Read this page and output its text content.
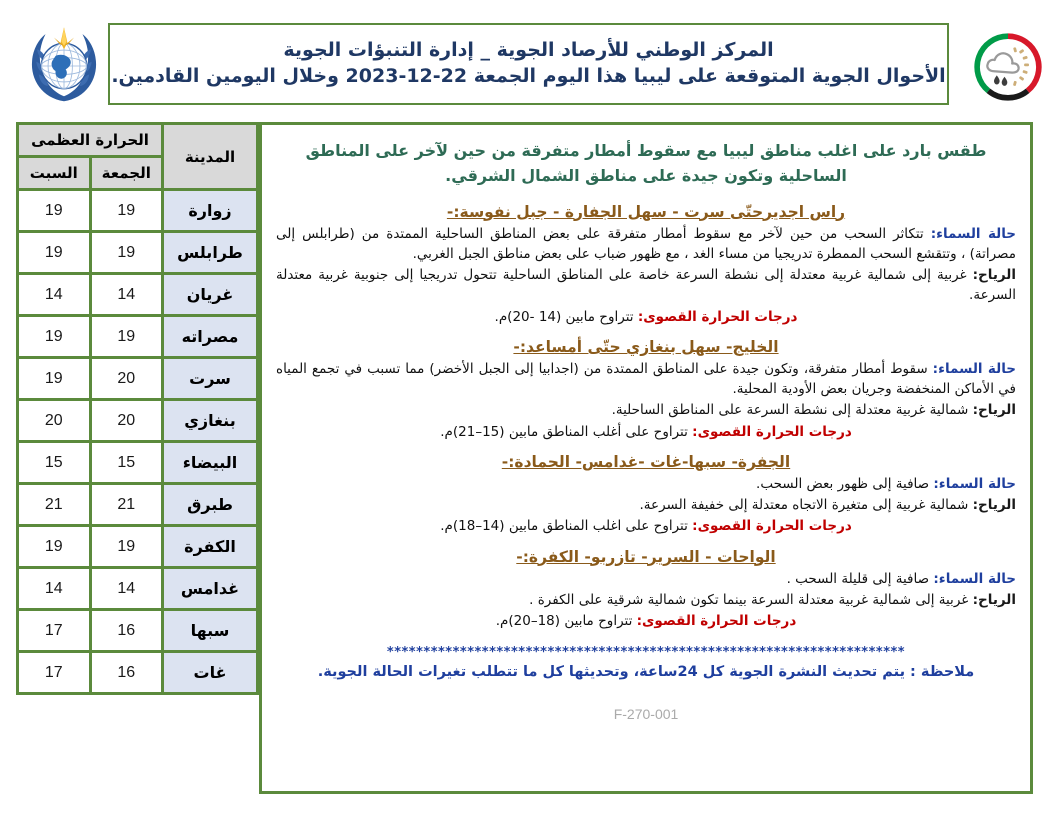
المركز الوطني للأرصاد الجوية _ إدارة التنبؤات الجوية
الأحوال الجوية المتوقعة على ليبيا هذا اليوم الجمعة 22-12-2023 وخلال اليومين القادمين.
المدينة	الحرارة العظمى	
	الجمعة	السبت
زوارة	19	19
طرابلس	19	19
غريان	14	14
مصراته	19	19
سرت	20	19
بنغازي	20	20
البيضاء	15	15
طبرق	21	21
الكفرة	19	19
غدامس	14	14
سبها	16	17
غات	16	17
طقس بارد على اغلب مناطق ليبيا مع سقوط أمطار متفرقة من حين لآخر على المناطق الساحلية وتكون جيدة على مناطق الشمال الشرقي.
راس اجديرحتّى سرت - سهل الجفارة - جبل نفوسة:-
حالة السماء: تتكاثر السحب من حين لآخر مع سقوط أمطار متفرقة على بعض المناطق الساحلية الممتدة من (طرابلس إلى مصراتة) ، وتتقشع السحب الممطرة تدريجيا من مساء الغد ، مع ظهور ضباب على بعض مناطق الجبل الغربي.
الرياح: غربية إلى شمالية غربية معتدلة إلى نشطة السرعة خاصة على المناطق الساحلية تتحول تدريجيا إلى جنوبية غربية معتدلة السرعة.
درجات الحرارة القصوى: تتراوح مابين (14 -20)م.
الخليج- سهل بنغازي حتّى أمساعد:-
حالة السماء: سقوط أمطار متفرقة، وتكون جيدة على المناطق الممتدة من (اجدابيا إلى الجبل الأخضر) مما تسبب في تجمع المياه في الأماكن المنخفضة وجريان بعض الأودية المحلية.
الرياح: شمالية غربية معتدلة إلى نشطة السرعة على المناطق الساحلية.
درجات الحرارة القصوى: تتراوح على أغلب المناطق مابين (15–21)م.
الجفرة- سبها-غات -غدامس- الحمادة:-
حالة السماء: صافية إلى ظهور بعض السحب.
الرياح: شمالية غربية إلى متغيرة الاتجاه معتدلة إلى خفيفة السرعة.
درجات الحرارة القصوى: تتراوح على اغلب المناطق مابين (14–18)م.
الواحات - السرير- تازربو- الكفرة:-
حالة السماء: صافية إلى قليلة السحب .
الرياح: غربية إلى شمالية غربية معتدلة السرعة بينما تكون شمالية شرقية على الكفرة .
درجات الحرارة القصوى: تتراوح مابين (18–20)م.
***********************************************************************
ملاحظة : يتم تحديث النشرة الجوية كل 24ساعة، وتحديثها كل ما تتطلب تغيرات الحالة الجوية.
F-270-001
